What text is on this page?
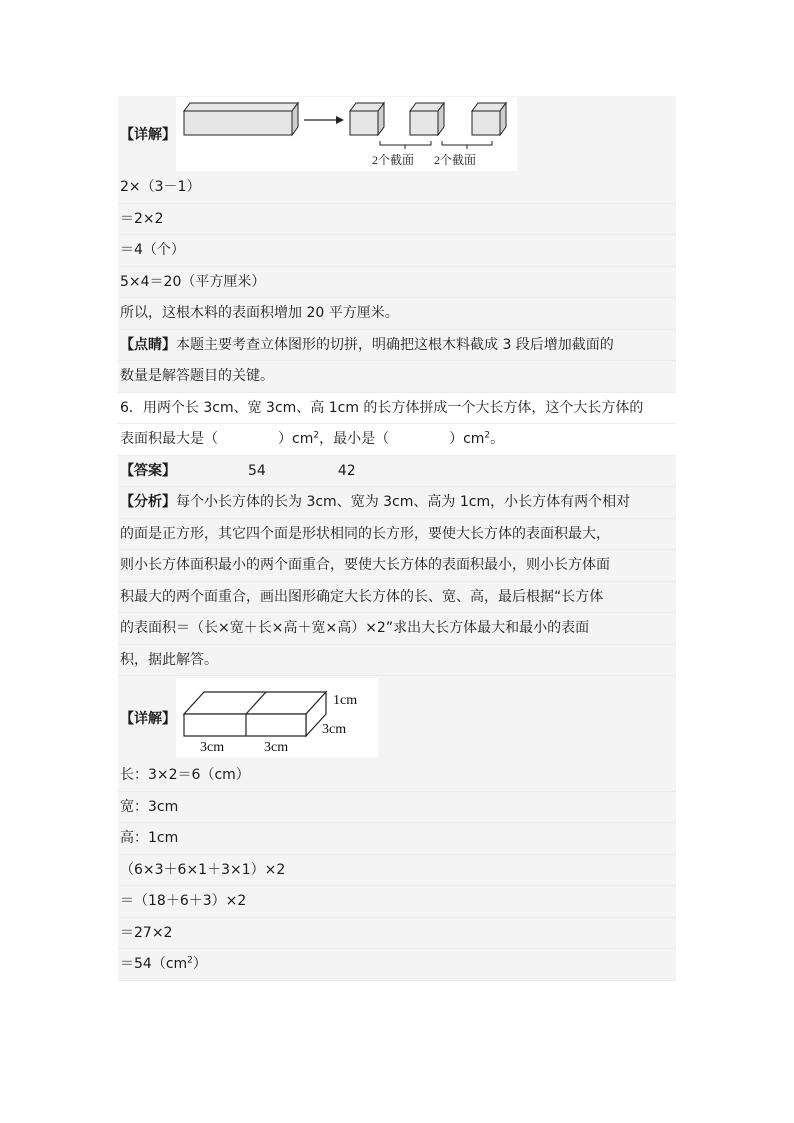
【详解】
2个截面 2个截面
2×（3－1）
＝2×2
＝4（个）
5×4＝20（平方厘米）
所以，这根木料的表面积增加 20 平方厘米。
【点睛】本题主要考查立体图形的切拼，明确把这根木料截成 3 段后增加截面的
数量是解答题目的关键。
6．用两个长 3cm、宽 3cm、高 1cm 的长方体拼成一个大长方体，这个大长方体的
表面积最大是（	）$cm^2$，最小是（	）$cm^2$。
【答案】	54	42
【分析】每个小长方体的长为 3cm、宽为 3cm、高为 1cm，小长方体有两个相对
的面是正方形，其它四个面是形状相同的长方形，要使大长方体的表面积最大，
则小长方体面积最小的两个面重合，要使大长方体的表面积最小，则小长方体面
积最大的两个面重合，画出图形确定大长方体的长、宽、高，最后根据“长方体
的表面积＝（长×宽＋长×高＋宽×高）×2”求出大长方体最大和最小的表面
积，据此解答。
【详解】
1cm
3cm
3cm	3cm
长：3×2＝6（cm）
宽：3cm
高：1cm
（6×3＋6×1＋3×1）×2
＝（18＋6＋3）×2
＝27×2
$=54(cm^2)$
